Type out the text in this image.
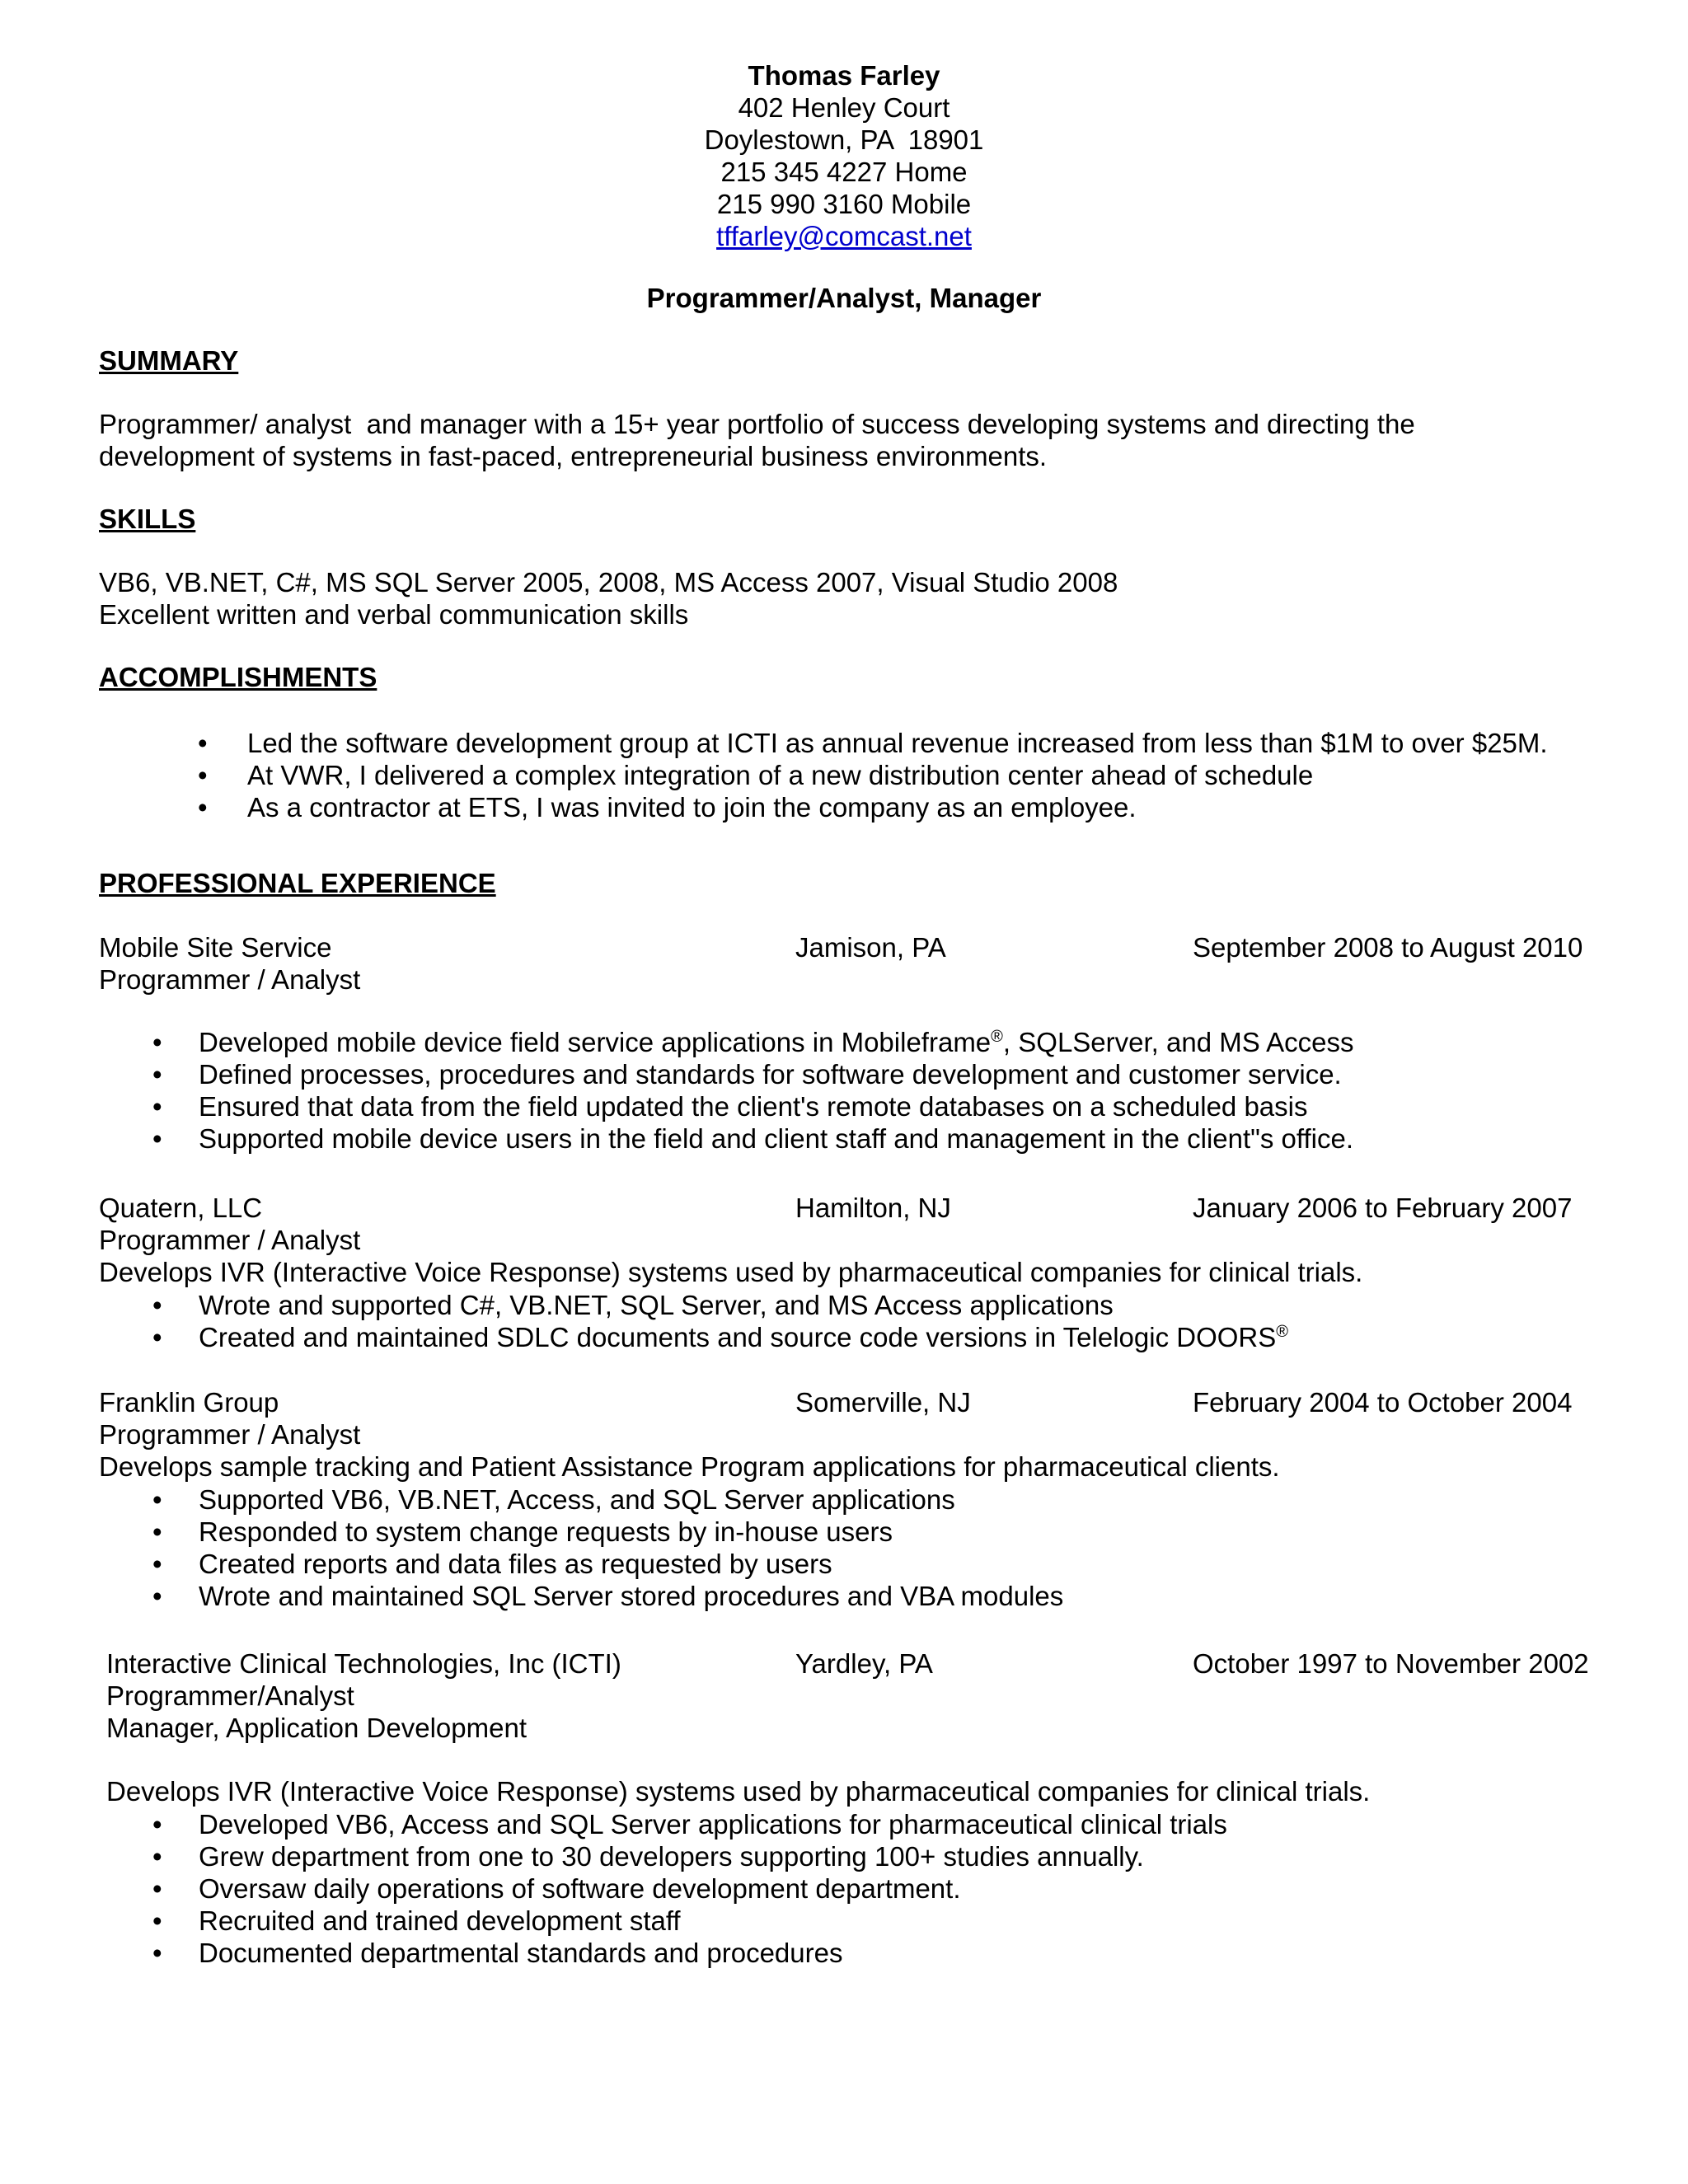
Thomas Farley
402 Henley Court
Doylestown, PA  18901
215 345 4227 Home
215 990 3160 Mobile
tffarley@comcast.net
Programmer/Analyst, Manager
SUMMARY
Programmer/ analyst  and manager with a 15+ year portfolio of success developing systems and directing the
development of systems in fast-paced, entrepreneurial business environments.
SKILLS
VB6, VB.NET, C#, MS SQL Server 2005, 2008, MS Access 2007, Visual Studio 2008
Excellent written and verbal communication skills
ACCOMPLISHMENTS
• Led the software development group at ICTI as annual revenue increased from less than $1M to over $25M.
• At VWR, I delivered a complex integration of a new distribution center ahead of schedule
• As a contractor at ETS, I was invited to join the company as an employee.
PROFESSIONAL EXPERIENCE
Mobile Site Service	Jamison, PA	September 2008 to August 2010
Programmer / Analyst
• Developed mobile device field service applications in Mobileframe®, SQLServer, and MS Access
• Defined processes, procedures and standards for software development and customer service.
• Ensured that data from the field updated the client's remote databases on a scheduled basis
• Supported mobile device users in the field and client staff and management in the client"s office.
Quatern, LLC	Hamilton, NJ	January 2006 to February 2007
Programmer / Analyst
Develops IVR (Interactive Voice Response) systems used by pharmaceutical companies for clinical trials.
• Wrote and supported C#, VB.NET, SQL Server, and MS Access applications
• Created and maintained SDLC documents and source code versions in Telelogic DOORS®
Franklin Group	Somerville, NJ	February 2004 to October 2004
Programmer / Analyst
Develops sample tracking and Patient Assistance Program applications for pharmaceutical clients.
• Supported VB6, VB.NET, Access, and SQL Server applications
• Responded to system change requests by in-house users
• Created reports and data files as requested by users
• Wrote and maintained SQL Server stored procedures and VBA modules
Interactive Clinical Technologies, Inc (ICTI)	Yardley, PA	October 1997 to November 2002
Programmer/Analyst
Manager, Application Development
Develops IVR (Interactive Voice Response) systems used by pharmaceutical companies for clinical trials.
• Developed VB6, Access and SQL Server applications for pharmaceutical clinical trials
• Grew department from one to 30 developers supporting 100+ studies annually.
• Oversaw daily operations of software development department.
• Recruited and trained development staff
• Documented departmental standards and procedures
